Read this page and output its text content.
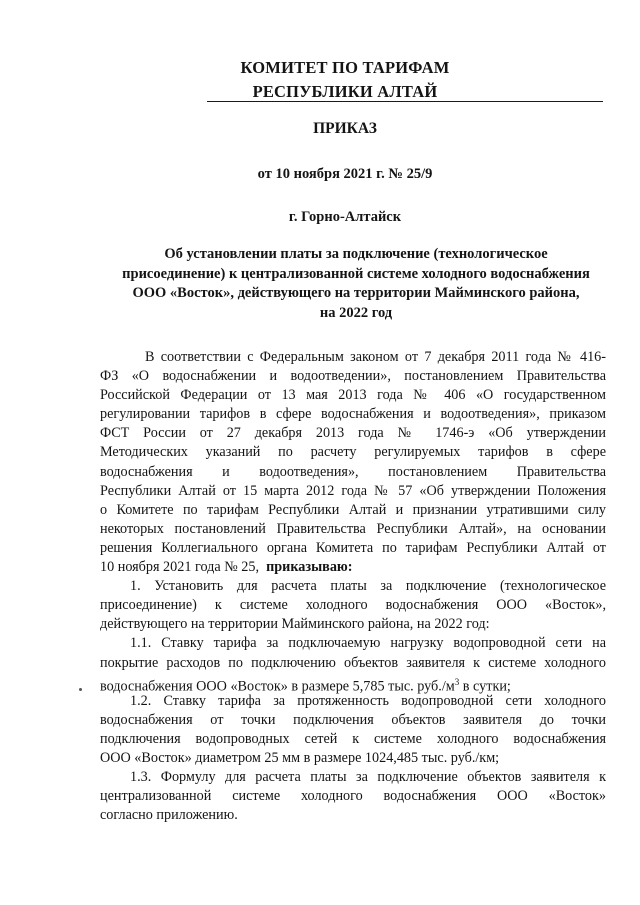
КОМИТЕТ ПО ТАРИФАМ
РЕСПУБЛИКИ АЛТАЙ
ПРИКАЗ
от 10 ноября 2021 г. № 25/9
г. Горно-Алтайск
Об установлении платы за подключение (технологическое
присоединение) к централизованной системе холодного водоснабжения
ООО «Восток», действующего на территории Майминского района,
на 2022 год
В соответствии с Федеральным законом от 7 декабря 2011 года № 416-
ФЗ «О водоснабжении и водоотведении», постановлением Правительства
Российской Федерации от 13 мая 2013 года № 406 «О государственном
регулировании тарифов в сфере водоснабжения и водоотведения», приказом
ФСТ России от 27 декабря 2013 года № 1746-э «Об утверждении
Методических указаний по расчету регулируемых тарифов в сфере
водоснабжения и водоотведения», постановлением Правительства
Республики Алтай от 15 марта 2012 года № 57 «Об утверждении Положения
о Комитете по тарифам Республики Алтай и признании утратившими силу
некоторых постановлений Правительства Республики Алтай», на основании
решения Коллегиального органа Комитета по тарифам Республики Алтай от
10 ноября 2021 года № 25, приказываю:
1. Установить для расчета платы за подключение (технологическое
присоединение) к системе холодного водоснабжения ООО «Восток»,
действующего на территории Майминского района, на 2022 год:
1.1. Ставку тарифа за подключаемую нагрузку водопроводной сети на
покрытие расходов по подключению объектов заявителя к системе холодного
водоснабжения ООО «Восток» в размере 5,785 тыс. $руб./м^3$ в сутки;
1.2. Ставку тарифа за протяженность водопроводной сети холодного
водоснабжения от точки подключения объектов заявителя до точки
подключения водопроводных сетей к системе холодного водоснабжения
ООО «Восток» диаметром 25 мм в размере 1024,485 тыс. руб./км;
1.3. Формулу для расчета платы за подключение объектов заявителя к
централизованной системе холодного водоснабжения ООО «Восток»
согласно приложению.
